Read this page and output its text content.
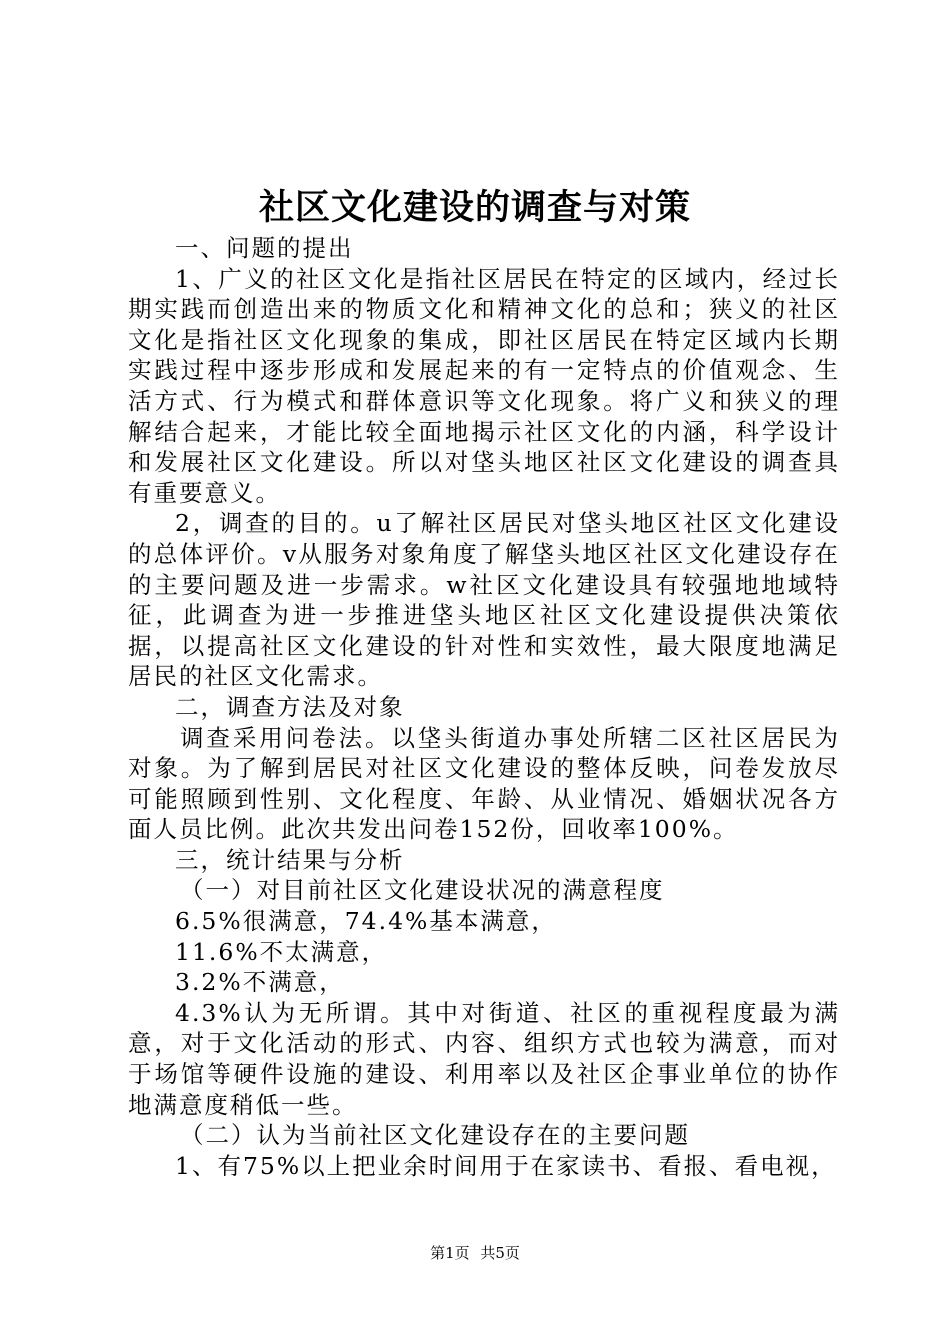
社区文化建设的调查与对策

一、问题的提出

1、广义的社区文化是指社区居民在特定的区域内，经过长期实践而创造出来的物质文化和精神文化的总和；狭义的社区文化是指社区文化现象的集成，即社区居民在特定区域内长期实践过程中逐步形成和发展起来的有一定特点的价值观念、生活方式、行为模式和群体意识等文化现象。将广义和狭义的理解结合起来，才能比较全面地揭示社区文化的内涵，科学设计和发展社区文化建设。所以对垡头地区社区文化建设的调查具有重要意义。

2，调查的目的。u了解社区居民对垡头地区社区文化建设的总体评价。v从服务对象角度了解垡头地区社区文化建设存在的主要问题及进一步需求。w社区文化建设具有较强地地域特征，此调查为进一步推进垡头地区社区文化建设提供决策依据，以提高社区文化建设的针对性和实效性，最大限度地满足居民的社区文化需求。

二，调查方法及对象

调查采用问卷法。以垡头街道办事处所辖二区社区居民为对象。为了解到居民对社区文化建设的整体反映，问卷发放尽可能照顾到性别、文化程度、年龄、从业情况、婚姻状况各方面人员比例。此次共发出问卷152份，回收率100%。

三，统计结果与分析

（一）对目前社区文化建设状况的满意程度

6.5%很满意，74.4%基本满意，

11.6%不太满意，

3.2%不满意，

4.3%认为无所谓。其中对街道、社区的重视程度最为满意，对于文化活动的形式、内容、组织方式也较为满意，而对于场馆等硬件设施的建设、利用率以及社区企事业单位的协作地满意度稍低一些。

（二）认为当前社区文化建设存在的主要问题

1、有75%以上把业余时间用于在家读书、看报、看电视，

第1页 共5页
